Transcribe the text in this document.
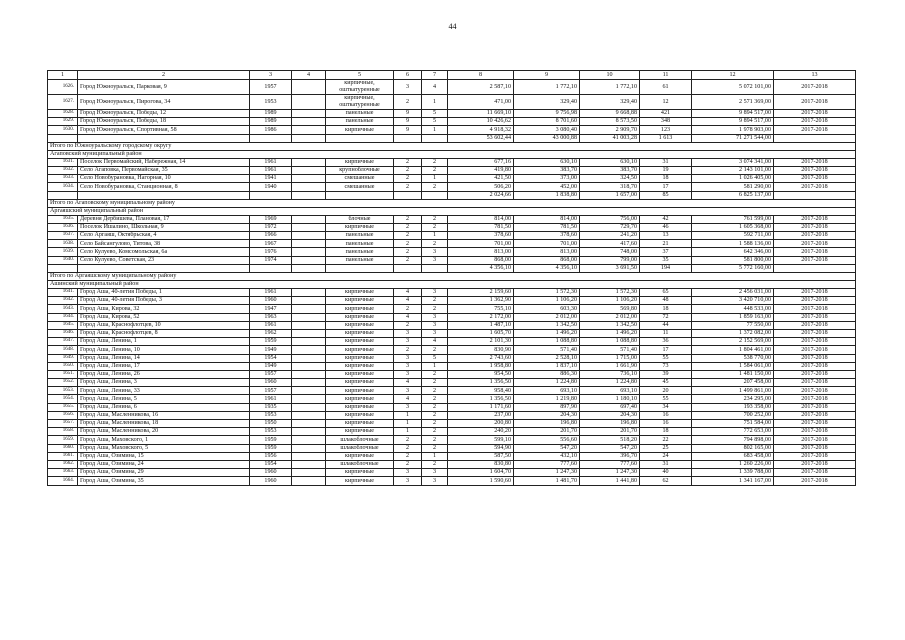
44
1	2	3	4	5	6	7	8	9	10	11	12	13
1626.	Город Южноуральск, Парковая, 9	1957		кирпичные, ошткатуренные	3	4	2 587,10	1 772,10	1 772,10	61	5 072 101,00	2017-2018
1627.	Город Южноуральск, Пирогова, 34	1953		кирпичные, ошткатуренные	2	1	471,00	329,40	329,40	12	2 571 369,00	2017-2018
1628.	Город Южноуральск, Победы, 12	1989		панельные	9	5	11 669,10	9 756,98	9 668,88	421	9 894 517,00	2017-2018
1629.	Город Южноуральск, Победы, 18	1989		панельные	9	5	10 426,62	8 701,60	8 573,50	348	9 894 517,00	2017-2018
1630.	Город Южноуральск, Спортивная, 58	1986		кирпичные	9	1	4 918,32	3 080,40	2 909,70	123	1 978 903,00	2017-2018
							53 602,44	43 000,88	41 003,28	1 613	71 271 544,00	
Итого по Южноуральскому городскому округу												
Агаповский муниципальный район												
1631.	Поселок Первомайский, Набережная, 14	1961		кирпичные	2	2	677,16	630,10	630,10	31	3 074 341,00	2017-2018
1632.	Село Агаповка, Первомайская, 35	1961		крупноблочные	2	2	419,80	383,70	383,70	19	2 143 101,00	2017-2018
1633.	Село Новобурановка, Нагорная, 10	1941		смешанные	2	1	421,50	373,00	324,50	18	1 026 405,00	2017-2018
1634.	Село Новобурановка, Станционная, 8	1940		смешанные	2	2	506,20	452,00	318,70	17	581 290,00	2017-2018
							2 024,66	1 838,80	1 657,00	85	6 825 137,00	
Итого по Агаповскому муниципальному району												
Аргаяшский муниципальный район												
1635.	Деревня Дербишева, Плановая, 17	1969		блочные	2	2	814,00	814,00	756,00	42	761 599,00	2017-2018
1636.	Поселок Ишалино, Школьная, 9	1972		кирпичные	2	2	781,50	781,50	729,70	46	1 605 368,00	2017-2018
1637.	Село Аргаяш, Октябрьская, 4	1966		панельные	2	1	378,60	378,60	241,20	13	592 711,00	2017-2018
1638.	Село Байсангулово, Титова, 38	1967		панельные	2	2	701,00	701,00	417,60	21	1 588 136,00	2017-2018
1639.	Село Кулуево, Комсомольская, 6а	1976		панельные	2	3	813,00	813,00	748,00	37	642 346,00	2017-2018
1640.	Село Кулуево, Советская, 23	1974		панельные	2	3	868,00	868,00	799,00	35	581 800,00	2017-2018
							4 356,10	4 356,10	3 691,50	194	5 772 160,00	
Итого по Аргаяшскому муниципальному району												
Ашинский муниципальный район												
1641.	Город Аша, 40-летия Победы, 1	1961		кирпичные	4	3	2 159,60	1 572,30	1 572,30	65	2 456 031,00	2017-2018
1642.	Город Аша, 40-летия Победы, 3	1960		кирпичные	4	2	1 362,90	1 106,20	1 106,20	48	3 420 710,00	2017-2018
1643.	Город Аша, Кирова, 32	1947		кирпичные	2	2	755,10	603,30	569,80	18	448 533,00	2017-2018
1644.	Город Аша, Кирова, 52	1963		кирпичные	4	3	2 172,00	2 012,00	2 012,00	72	1 859 163,00	2017-2018
1645.	Город Аша, Краснофлотцев, 10	1961		кирпичные	2	3	1 487,10	1 342,50	1 342,50	44	77 550,00	2017-2018
1646.	Город Аша, Краснофлотцев, 8	1962		кирпичные	3	3	1 605,70	1 496,20	1 496,20	11	1 372 082,00	2017-2018
1647.	Город Аша, Ленина, 1	1959		кирпичные	3	4	2 101,30	1 088,80	1 088,80	36	2 152 569,00	2017-2018
1648.	Город Аша, Ленина, 10	1949		кирпичные	2	2	830,90	571,40	571,40	17	1 804 461,00	2017-2018
1649.	Город Аша, Ленина, 14	1954		кирпичные	3	5	2 743,60	2 528,10	1 715,00	55	538 770,00	2017-2018
1650.	Город Аша, Ленина, 17	1949		кирпичные	3	1	1 958,80	1 837,10	1 661,90	73	1 584 061,00	2017-2018
1651.	Город Аша, Ленина, 26	1957		кирпичные	3	2	954,50	886,30	736,10	39	1 481 150,00	2017-2018
1652.	Город Аша, Ленина, 3	1960		кирпичные	4	2	1 356,50	1 224,80	1 224,80	45	207 458,00	2017-2018
1653.	Город Аша, Ленина, 33	1957		кирпичные	3	2	958,40	693,10	693,10	20	1 499 861,00	2017-2018
1654.	Город Аша, Ленина, 5	1961		кирпичные	4	2	1 356,50	1 219,80	1 180,10	55	234 295,00	2017-2018
1655.	Город Аша, Ленина, 6	1935		кирпичные	3	2	1 171,60	897,90	697,40	34	193 358,00	2017-2018
1656.	Город Аша, Масленникова, 16	1953		кирпичные	1	2	237,00	204,30	204,30	16	700 252,00	2017-2018
1657.	Город Аша, Масленникова, 18	1950		кирпичные	1	2	200,80	196,80	196,80	16	751 584,00	2017-2018
1658.	Город Аша, Масленникова, 20	1953		кирпичные	1	2	240,20	201,70	201,70	18	772 653,00	2017-2018
1659.	Город Аша, Маховского, 1	1959		шлакоблочные	2	2	599,10	556,60	518,20	22	794 898,00	2017-2018
1660.	Город Аша, Маховского, 5	1959		шлакоблочные	2	2	594,90	547,20	547,20	25	802 165,00	2017-2018
1661.	Город Аша, Озимина, 15	1956		кирпичные	2	1	587,50	432,10	396,70	24	683 458,00	2017-2018
1662.	Город Аша, Озимина, 24	1954		шлакоблочные	2	2	830,80	777,60	777,60	31	1 260 226,00	2017-2018
1663.	Город Аша, Озимина, 29	1960		кирпичные	3	3	1 604,70	1 247,30	1 247,30	40	1 339 788,00	2017-2018
1664.	Город Аша, Озимина, 35	1960		кирпичные	3	3	1 590,60	1 481,70	1 441,80	62	1 341 167,00	2017-2018
